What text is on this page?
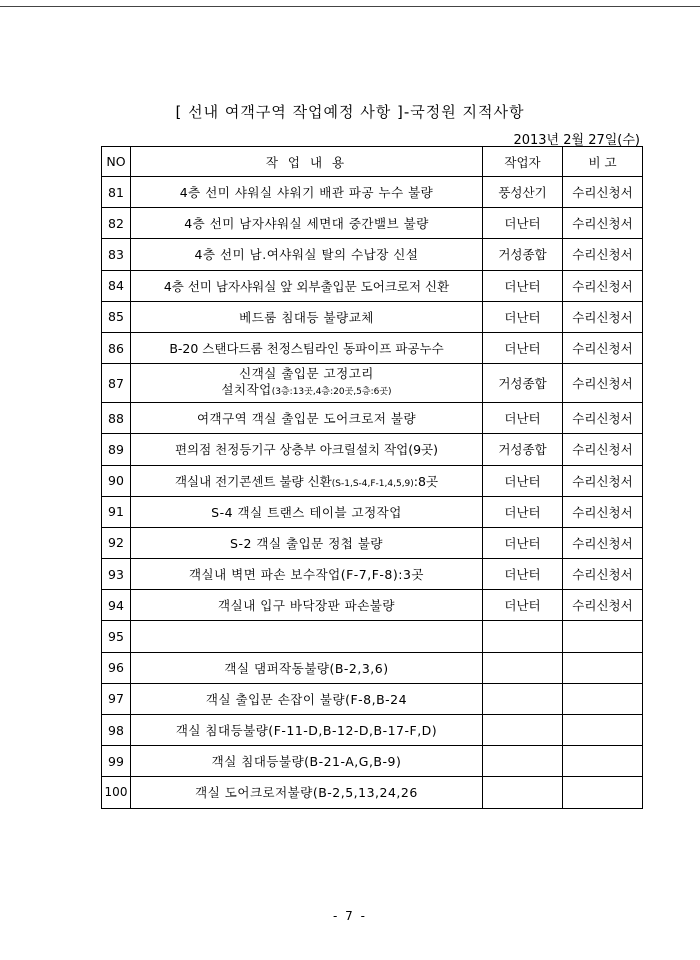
[ 선내 여객구역 작업예정 사항 ]-국정원 지적사항
2013년 2월 27일(수)
NO	작 업 내 용	작업자	비 고
81	4층 선미 샤워실 샤워기 배관 파공 누수 불량	풍성산기	수리신청서
82	4층 선미 남자샤워실 세면대 중간밸브 불량	더난터	수리신청서
83	4층 선미 남.여샤워실 탈의 수납장 신설	거성종합	수리신청서
84	4층 선미 남자샤워실 앞 외부출입문 도어크로저 신환	더난터	수리신청서
85	베드룸 침대등 불량교체	더난터	수리신청서
86	B-20 스탠다드룸 천정스팀라인 동파이프 파공누수	더난터	수리신청서
87	신객실 출입문 고정고리
설치작업(3층:13곳,4층:20곳,5층:6곳)	거성종합	수리신청서
88	여객구역 객실 출입문 도어크로저 불량	더난터	수리신청서
89	편의점 천정등기구 상층부 아크릴설치 작업(9곳)	거성종합	수리신청서
90	객실내 전기콘센트 불량 신환(S-1,S-4,F-1,4,5,9):8곳	더난터	수리신청서
91	S-4 객실 트랜스 테이블 고정작업	더난터	수리신청서
92	S-2 객실 출입문 정첩 불량	더난터	수리신청서
93	객실내 벽면 파손 보수작업(F-7,F-8):3곳	더난터	수리신청서
94	객실내 입구 바닥장판 파손불량	더난터	수리신청서
95			
96	객실 댐퍼작동불량(B-2,3,6)		
97	객실 출입문 손잡이 불량(F-8,B-24		
98	객실 침대등불량(F-11-D,B-12-D,B-17-F,D)		
99	객실 침대등불량(B-21-A,G,B-9)		
100	객실 도어크로저불량(B-2,5,13,24,26		
- 7 -
